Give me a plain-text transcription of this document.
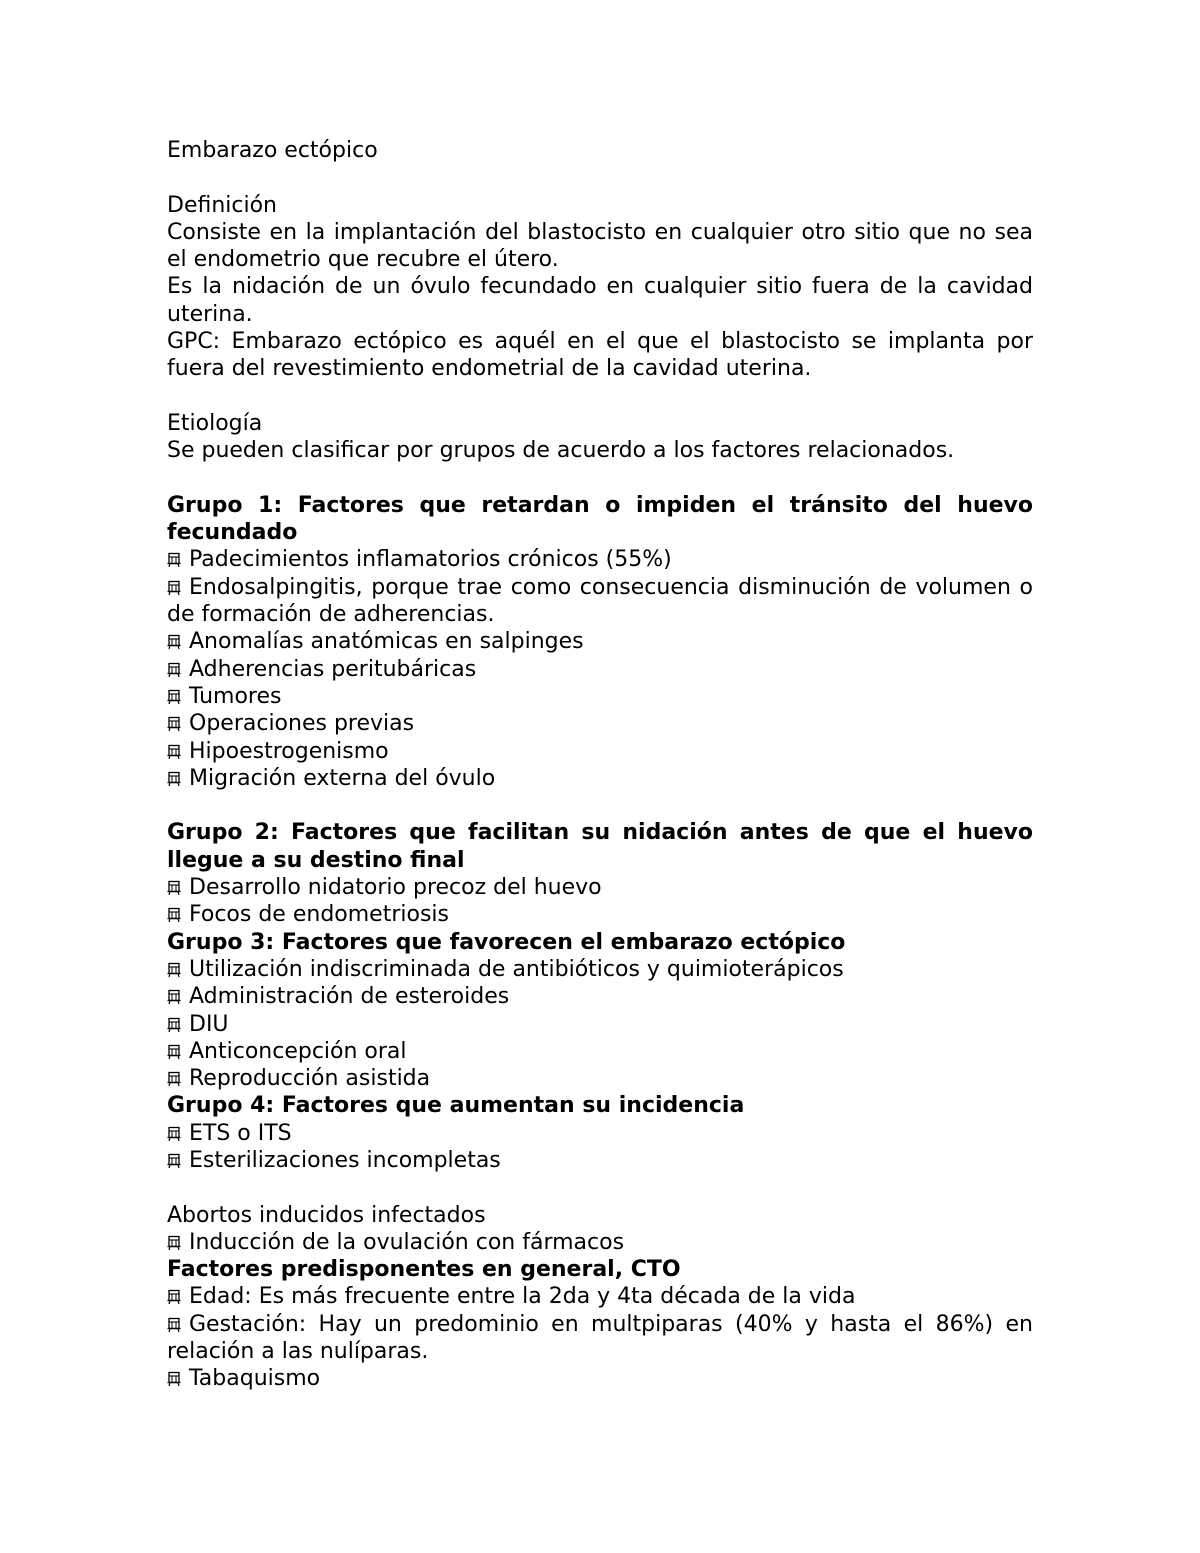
Embarazo ectópico
Definición
Consiste en la implantación del blastocisto en cualquier otro sitio que no sea el endometrio que recubre el útero.
Es la nidación de un óvulo fecundado en cualquier sitio fuera de la cavidad uterina.
GPC: Embarazo ectópico es aquél en el que el blastocisto se implanta por fuera del revestimiento endometrial de la cavidad uterina.
Etiología
Se pueden clasificar por grupos de acuerdo a los factores relacionados.
Grupo 1: Factores que retardan o impiden el tránsito del huevo fecundado
Padecimientos inflamatorios crónicos (55%)
Endosalpingitis, porque trae como consecuencia disminución de volumen o de formación de adherencias.
Anomalías anatómicas en salpinges
Adherencias peritubáricas
Tumores
Operaciones previas
Hipoestrogenismo
Migración externa del óvulo
Grupo 2: Factores que facilitan su nidación antes de que el huevo llegue a su destino final
Desarrollo nidatorio precoz del huevo
Focos de endometriosis
Grupo 3: Factores que favorecen el embarazo ectópico
Utilización indiscriminada de antibióticos y quimioterápicos
Administración de esteroides
DIU
Anticoncepción oral
Reproducción asistida
Grupo 4: Factores que aumentan su incidencia
ETS o ITS
Esterilizaciones incompletas
Abortos inducidos infectados
Inducción de la ovulación con fármacos
Factores predisponentes en general, CTO
Edad: Es más frecuente entre la 2da y 4ta década de la vida
Gestación: Hay un predominio en multpiparas (40% y hasta el 86%) en relación a las nulíparas.
Tabaquismo
